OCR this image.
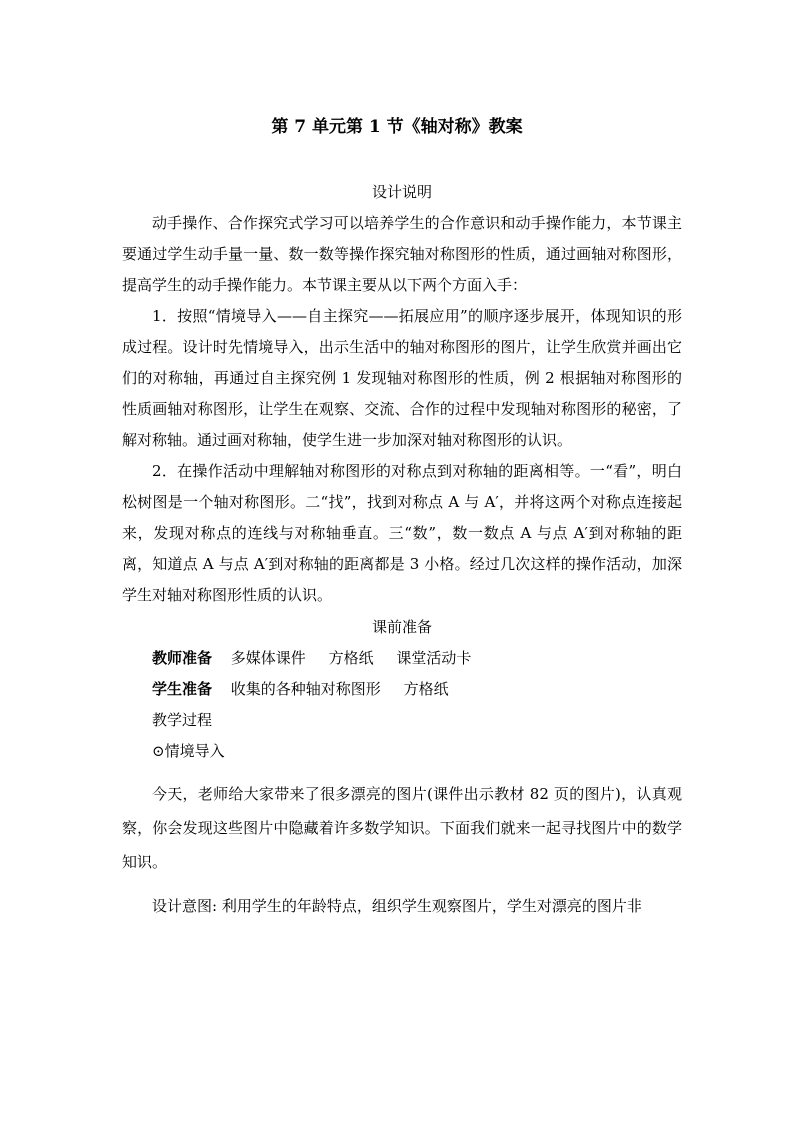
第 7 单元第 1 节《轴对称》教案
设计说明

动手操作、合作探究式学习可以培养学生的合作意识和动手操作能力，本节课主要通过学生动手量一量、数一数等操作探究轴对称图形的性质，通过画轴对称图形，提高学生的动手操作能力。本节课主要从以下两个方面入手：

1．按照“情境导入——自主探究——拓展应用”的顺序逐步展开，体现知识的形成过程。设计时先情境导入，出示生活中的轴对称图形的图片，让学生欣赏并画出它们的对称轴，再通过自主探究例 1 发现轴对称图形的性质，例 2 根据轴对称图形的性质画轴对称图形，让学生在观察、交流、合作的过程中发现轴对称图形的秘密，了解对称轴。通过画对称轴，使学生进一步加深对轴对称图形的认识。

2．在操作活动中理解轴对称图形的对称点到对称轴的距离相等。一“看”，明白松树图是一个轴对称图形。二“找”，找到对称点 A 与 A′，并将这两个对称点连接起来，发现对称点的连线与对称轴垂直。三“数”，数一数点 A 与点 A′到对称轴的距离，知道点 A 与点 A′到对称轴的距离都是 3 小格。经过几次这样的操作活动，加深学生对轴对称图形性质的认识。

课前准备
教师准备 多媒体课件 方格纸 课堂活动卡
学生准备 收集的各种轴对称图形 方格纸
教学过程
⊙情境导入

今天，老师给大家带来了很多漂亮的图片(课件出示教材 82 页的图片)，认真观察，你会发现这些图片中隐藏着许多数学知识。下面我们就来一起寻找图片中的数学知识。

设计意图: 利用学生的年龄特点，组织学生观察图片，学生对漂亮的图片非
